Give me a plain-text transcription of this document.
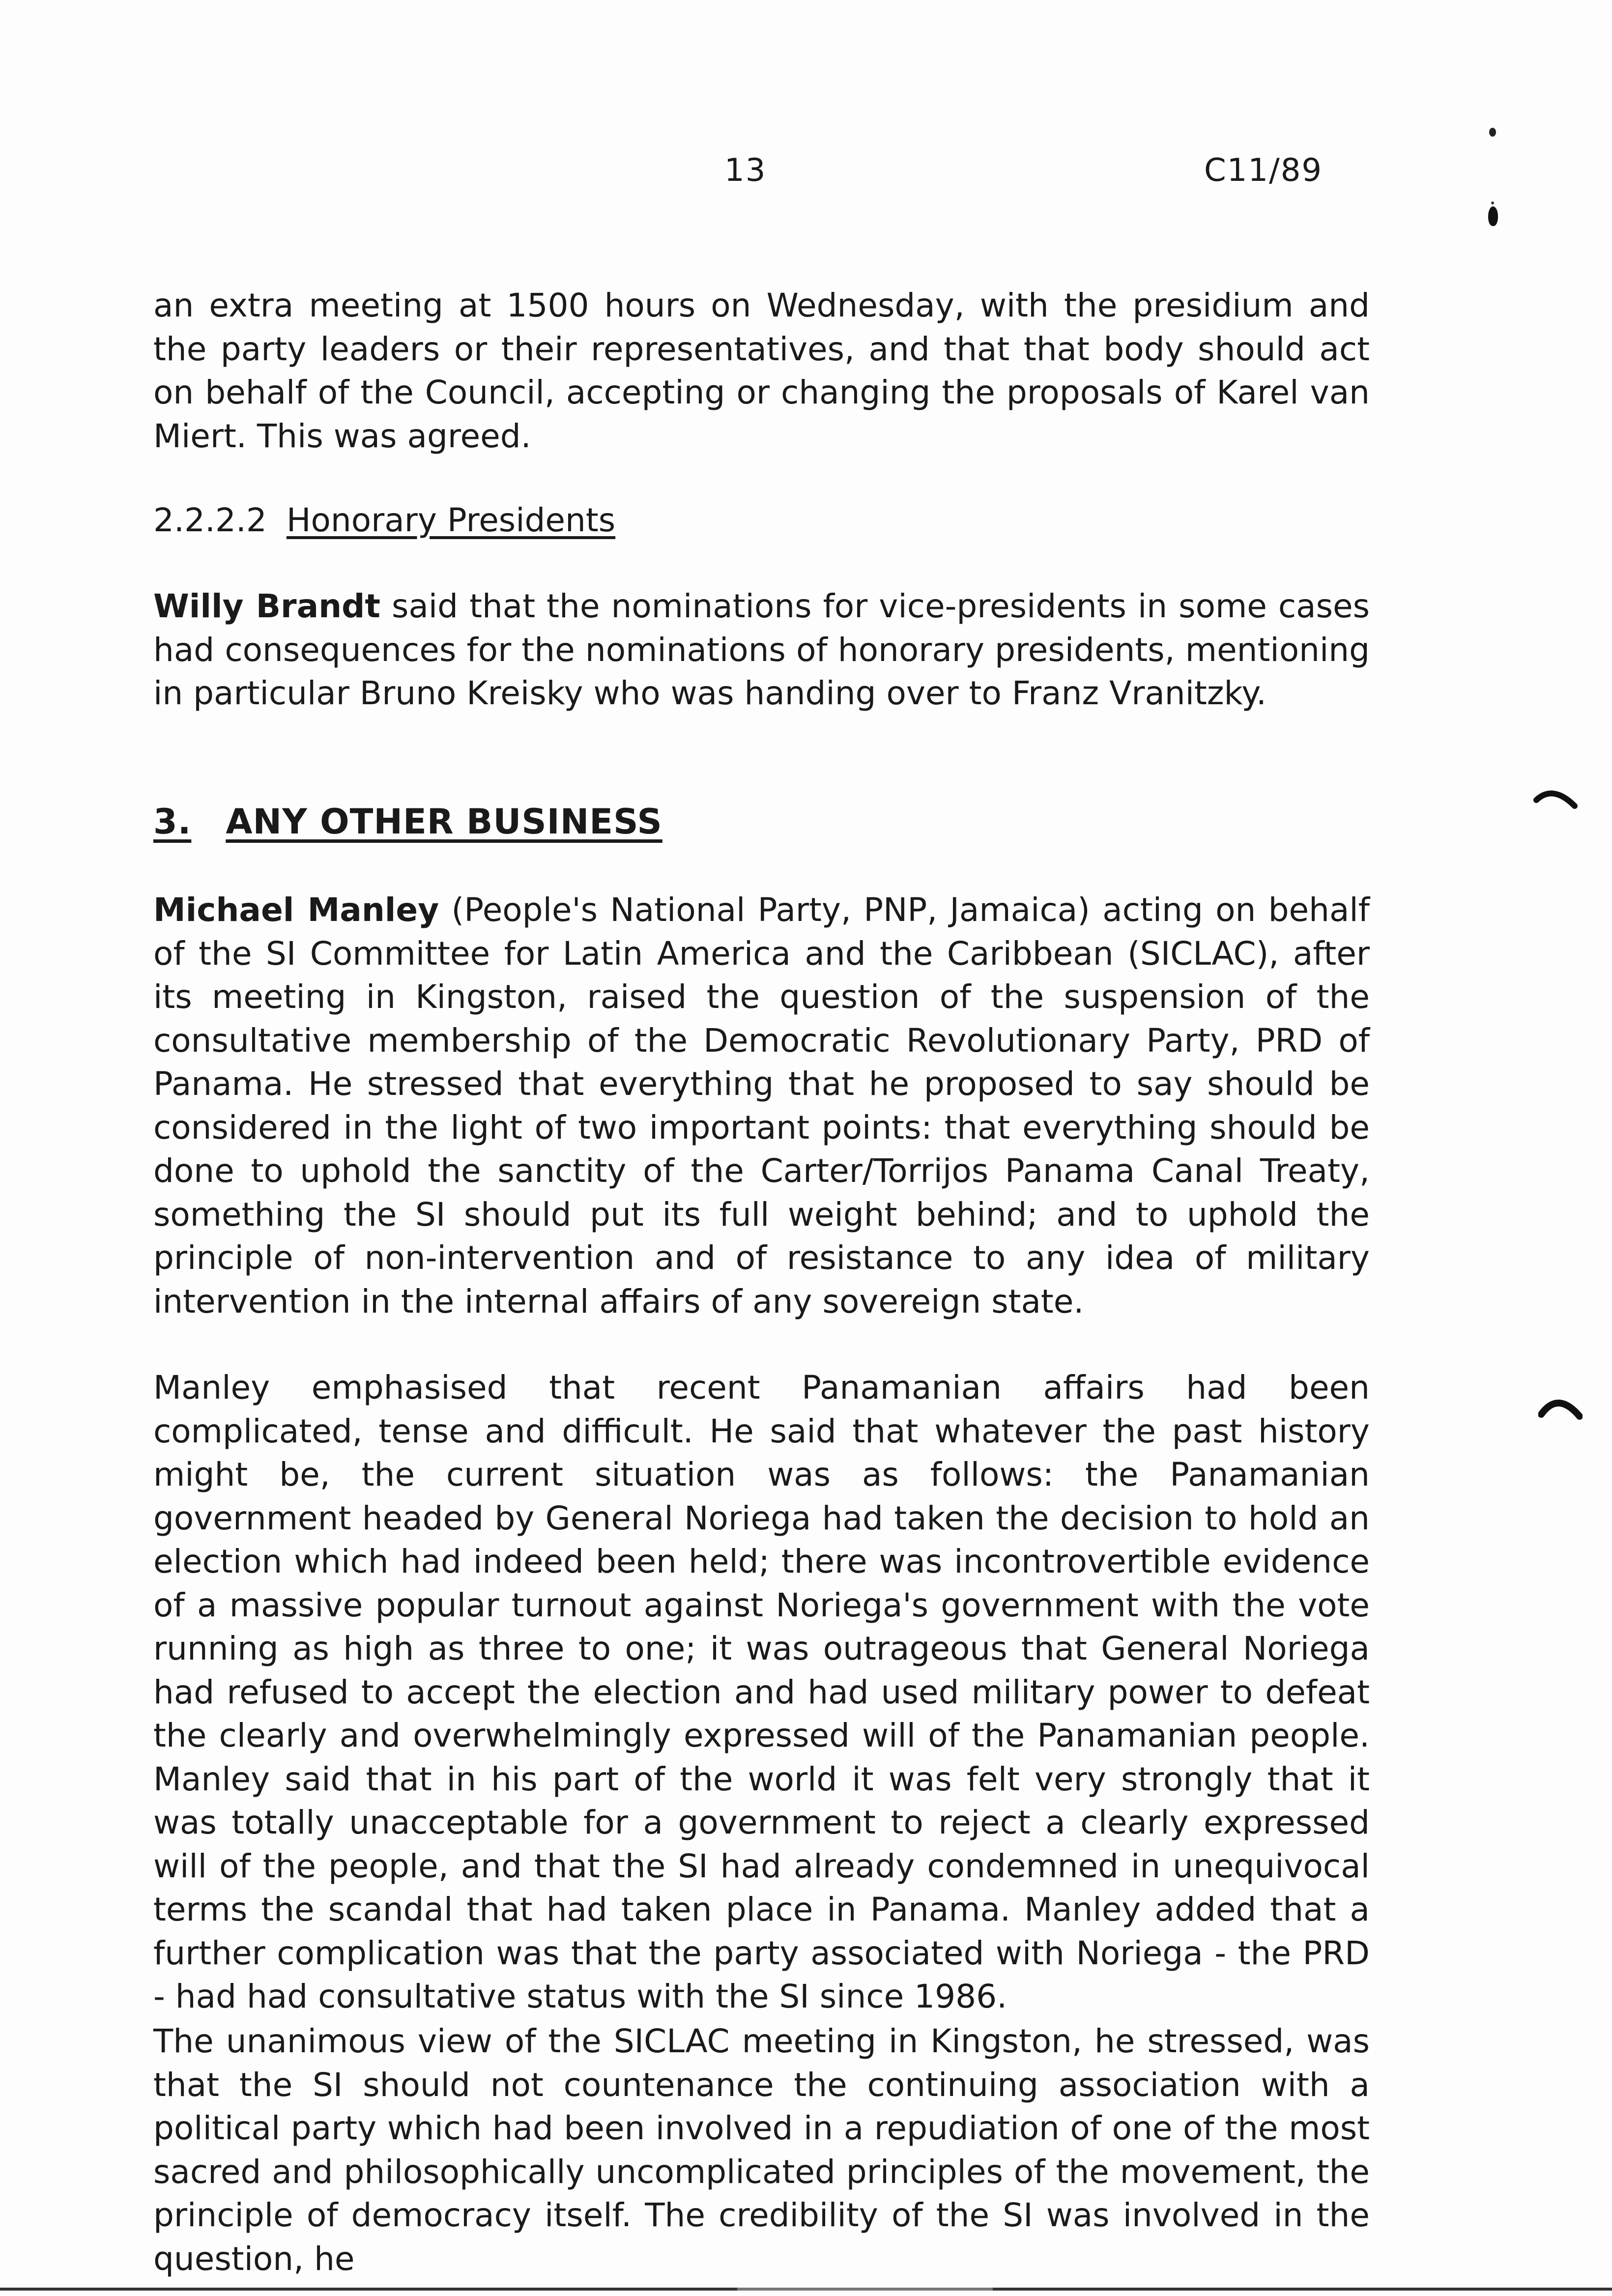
13	C11/89

an extra meeting at 1500 hours on Wednesday, with the presidium and the party leaders or their representatives, and that that body should act on behalf of the Council, accepting or changing the proposals of Karel van Miert. This was agreed.

2.2.2.2 Honorary Presidents

Willy Brandt said that the nominations for vice-presidents in some cases had consequences for the nominations of honorary presidents, mentioning in particular Bruno Kreisky who was handing over to Franz Vranitzky.

3. ANY OTHER BUSINESS

Michael Manley (People's National Party, PNP, Jamaica) acting on behalf of the SI Committee for Latin America and the Caribbean (SICLAC), after its meeting in Kingston, raised the question of the suspension of the consultative membership of the Democratic Revolutionary Party, PRD of Panama. He stressed that everything that he proposed to say should be considered in the light of two important points: that everything should be done to uphold the sanctity of the Carter/Torrijos Panama Canal Treaty, something the SI should put its full weight behind; and to uphold the principle of non-intervention and of resistance to any idea of military intervention in the internal affairs of any sovereign state.

Manley emphasised that recent Panamanian affairs had been complicated, tense and difficult. He said that whatever the past history might be, the current situation was as follows: the Panamanian government headed by General Noriega had taken the decision to hold an election which had indeed been held; there was incontrovertible evidence of a massive popular turnout against Noriega's government with the vote running as high as three to one; it was outrageous that General Noriega had refused to accept the election and had used military power to defeat the clearly and overwhelmingly expressed will of the Panamanian people. Manley said that in his part of the world it was felt very strongly that it was totally unacceptable for a government to reject a clearly expressed will of the people, and that the SI had already condemned in unequivocal terms the scandal that had taken place in Panama. Manley added that a further complication was that the party associated with Noriega - the PRD - had had consultative status with the SI since 1986.

The unanimous view of the SICLAC meeting in Kingston, he stressed, was that the SI should not countenance the continuing association with a political party which had been involved in a repudiation of one of the most sacred and philosophically uncomplicated principles of the movement, the principle of democracy itself. The credibility of the SI was involved in the question, he
